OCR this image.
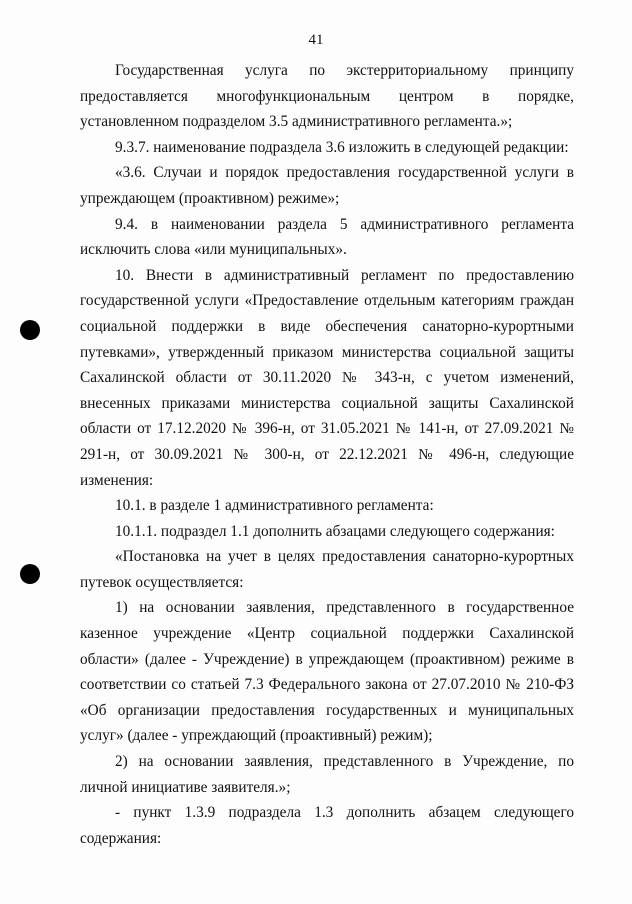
41

Государственная услуга по экстерриториальному принципу предоставляется многофункциональным центром в порядке, установленном подразделом 3.5 административного регламента.»;

9.3.7. наименование подраздела 3.6 изложить в следующей редакции:

«3.6. Случаи и порядок предоставления государственной услуги в упреждающем (проактивном) режиме»;

9.4. в наименовании раздела 5 административного регламента исключить слова «или муниципальных».

10. Внести в административный регламент по предоставлению государственной услуги «Предоставление отдельным категориям граждан социальной поддержки в виде обеспечения санаторно-курортными путевками», утвержденный приказом министерства социальной защиты Сахалинской области от 30.11.2020 № 343-н, с учетом изменений, внесенных приказами министерства социальной защиты Сахалинской области от 17.12.2020 № 396-н, от 31.05.2021 № 141-н, от 27.09.2021 № 291-н, от 30.09.2021 № 300-н, от 22.12.2021 № 496-н, следующие изменения:

10.1. в разделе 1 административного регламента:

10.1.1. подраздел 1.1 дополнить абзацами следующего содержания:

«Постановка на учет в целях предоставления санаторно-курортных путевок осуществляется:

1) на основании заявления, представленного в государственное казенное учреждение «Центр социальной поддержки Сахалинской области» (далее - Учреждение) в упреждающем (проактивном) режиме в соответствии со статьей 7.3 Федерального закона от 27.07.2010 № 210-ФЗ «Об организации предоставления государственных и муниципальных услуг» (далее - упреждающий (проактивный) режим);

2) на основании заявления, представленного в Учреждение, по личной инициативе заявителя.»;

- пункт 1.3.9 подраздела 1.3 дополнить абзацем следующего содержания:
